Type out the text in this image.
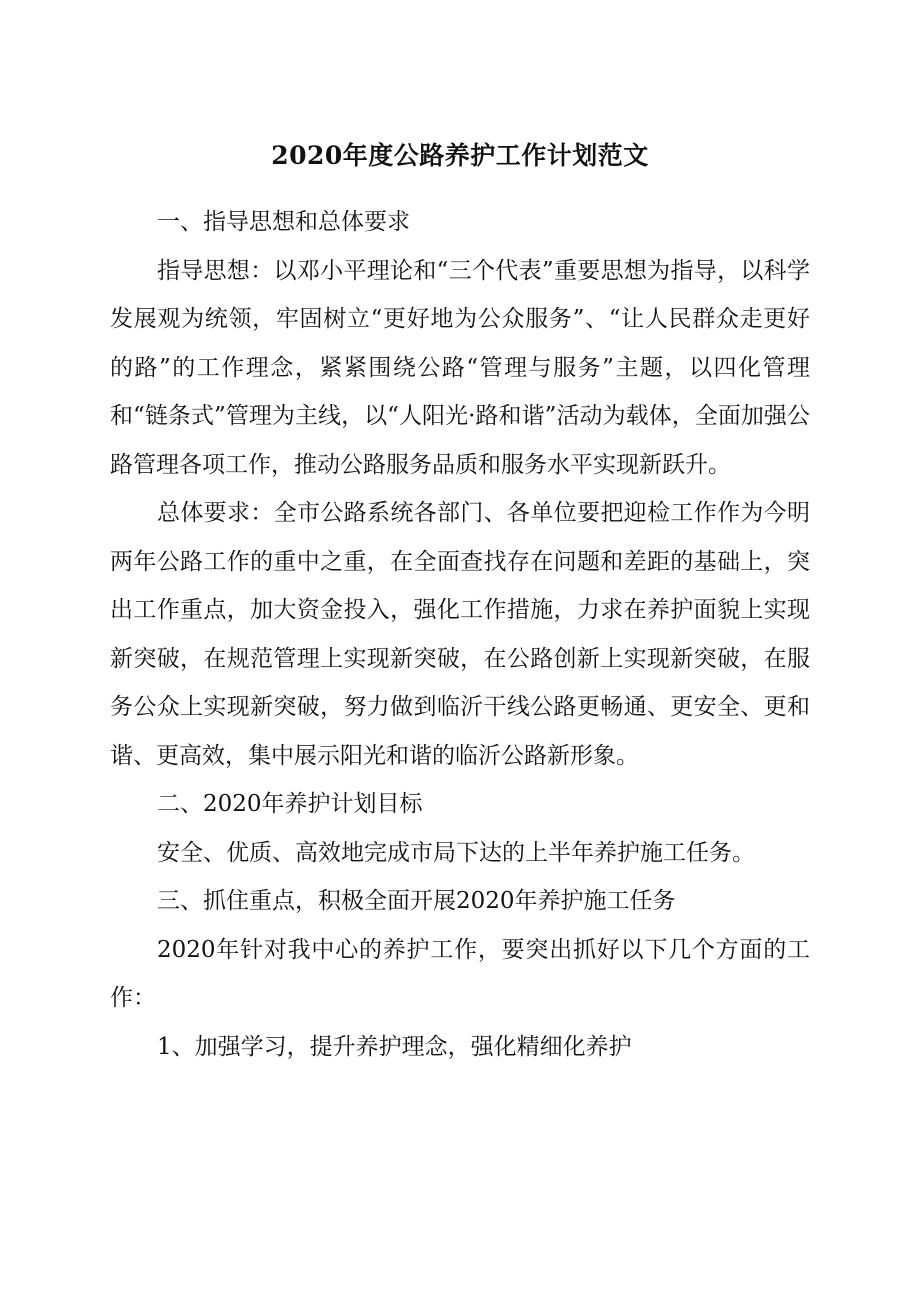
2020年度公路养护工作计划范文

一、指导思想和总体要求

指导思想：以邓小平理论和“三个代表”重要思想为指导，以科学发展观为统领，牢固树立“更好地为公众服务”、“让人民群众走更好的路”的工作理念，紧紧围绕公路“管理与服务”主题，以四化管理和“链条式”管理为主线，以“人阳光·路和谐”活动为载体，全面加强公路管理各项工作，推动公路服务品质和服务水平实现新跃升。

总体要求：全市公路系统各部门、各单位要把迎检工作作为今明两年公路工作的重中之重，在全面查找存在问题和差距的基础上，突出工作重点，加大资金投入，强化工作措施，力求在养护面貌上实现新突破，在规范管理上实现新突破，在公路创新上实现新突破，在服务公众上实现新突破，努力做到临沂干线公路更畅通、更安全、更和谐、更高效，集中展示阳光和谐的临沂公路新形象。

二、2020年养护计划目标

安全、优质、高效地完成市局下达的上半年养护施工任务。

三、抓住重点，积极全面开展2020年养护施工任务

2020年针对我中心的养护工作，要突出抓好以下几个方面的工作：

1、加强学习，提升养护理念，强化精细化养护
